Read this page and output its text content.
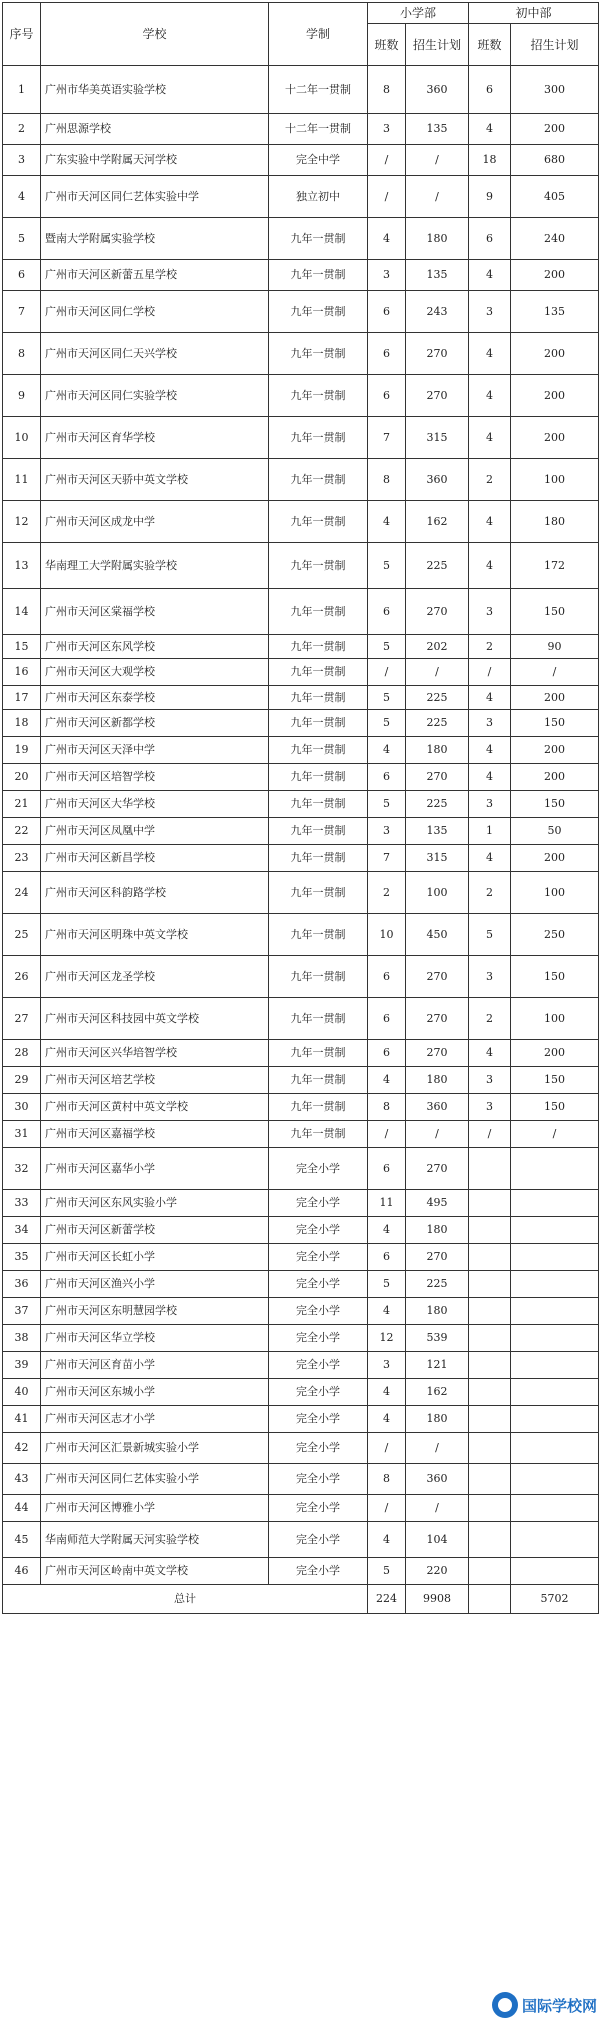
序号	学校	学制	小学部		初中部	
			班数	招生计划	班数	招生计划
1	广州市华美英语实验学校	十二年一贯制	8	360	6	300
2	广州思源学校	十二年一贯制	3	135	4	200
3	广东实验中学附属天河学校	完全中学	/	/	18	680
4	广州市天河区同仁艺体实验中学	独立初中	/	/	9	405
5	暨南大学附属实验学校	九年一贯制	4	180	6	240
6	广州市天河区新蕾五星学校	九年一贯制	3	135	4	200
7	广州市天河区同仁学校	九年一贯制	6	243	3	135
8	广州市天河区同仁天兴学校	九年一贯制	6	270	4	200
9	广州市天河区同仁实验学校	九年一贯制	6	270	4	200
10	广州市天河区育华学校	九年一贯制	7	315	4	200
11	广州市天河区天骄中英文学校	九年一贯制	8	360	2	100
12	广州市天河区成龙中学	九年一贯制	4	162	4	180
13	华南理工大学附属实验学校	九年一贯制	5	225	4	172
14	广州市天河区棠福学校	九年一贯制	6	270	3	150
15	广州市天河区东风学校	九年一贯制	5	202	2	90
16	广州市天河区大观学校	九年一贯制	/	/	/	/
17	广州市天河区东泰学校	九年一贯制	5	225	4	200
18	广州市天河区新都学校	九年一贯制	5	225	3	150
19	广州市天河区天泽中学	九年一贯制	4	180	4	200
20	广州市天河区培智学校	九年一贯制	6	270	4	200
21	广州市天河区大华学校	九年一贯制	5	225	3	150
22	广州市天河区凤凰中学	九年一贯制	3	135	1	50
23	广州市天河区新昌学校	九年一贯制	7	315	4	200
24	广州市天河区科韵路学校	九年一贯制	2	100	2	100
25	广州市天河区明珠中英文学校	九年一贯制	10	450	5	250
26	广州市天河区龙圣学校	九年一贯制	6	270	3	150
27	广州市天河区科技园中英文学校	九年一贯制	6	270	2	100
28	广州市天河区兴华培智学校	九年一贯制	6	270	4	200
29	广州市天河区培艺学校	九年一贯制	4	180	3	150
30	广州市天河区黄村中英文学校	九年一贯制	8	360	3	150
31	广州市天河区嘉福学校	九年一贯制	/	/	/	/
32	广州市天河区嘉华小学	完全小学	6	270		
33	广州市天河区东风实验小学	完全小学	11	495		
34	广州市天河区新蕾学校	完全小学	4	180		
35	广州市天河区长虹小学	完全小学	6	270		
36	广州市天河区渔兴小学	完全小学	5	225		
37	广州市天河区东明慧园学校	完全小学	4	180		
38	广州市天河区华立学校	完全小学	12	539		
39	广州市天河区育苗小学	完全小学	3	121		
40	广州市天河区东城小学	完全小学	4	162		
41	广州市天河区志才小学	完全小学	4	180		
42	广州市天河区汇景新城实验小学	完全小学	/	/		
43	广州市天河区同仁艺体实验小学	完全小学	8	360		
44	广州市天河区博雅小学	完全小学	/	/		
45	华南师范大学附属天河实验学校	完全小学	4	104		
46	广州市天河区岭南中英文学校	完全小学	5	220		
总计			224	9908		5702
国际学校网
